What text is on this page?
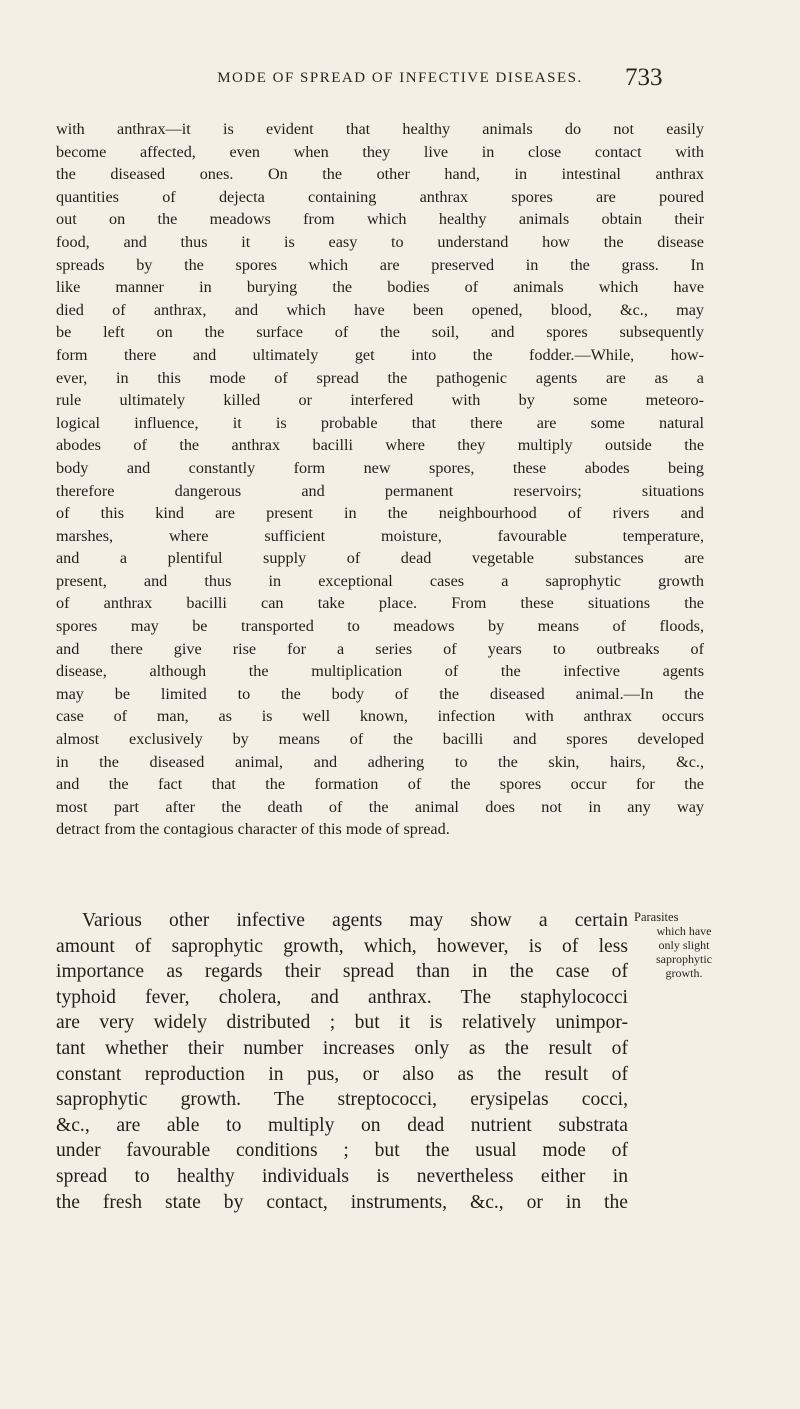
MODE OF SPREAD OF INFECTIVE DISEASES.	733
with anthrax—it is evident that healthy animals do not easily
become affected, even when they live in close contact with
the diseased ones. On the other hand, in intestinal anthrax
quantities of dejecta containing anthrax spores are poured
out on the meadows from which healthy animals obtain their
food, and thus it is easy to understand how the disease
spreads by the spores which are preserved in the grass. In
like manner in burying the bodies of animals which have
died of anthrax, and which have been opened, blood, &c., may
be left on the surface of the soil, and spores subsequently
form there and ultimately get into the fodder.—While, how-
ever, in this mode of spread the pathogenic agents are as a
rule ultimately killed or interfered with by some meteoro-
logical influence, it is probable that there are some natural
abodes of the anthrax bacilli where they multiply outside the
body and constantly form new spores, these abodes being
therefore dangerous and permanent reservoirs; situations
of this kind are present in the neighbourhood of rivers and
marshes, where sufficient moisture, favourable temperature,
and a plentiful supply of dead vegetable substances are
present, and thus in exceptional cases a saprophytic growth
of anthrax bacilli can take place. From these situations the
spores may be transported to meadows by means of floods,
and there give rise for a series of years to outbreaks of
disease, although the multiplication of the infective agents
may be limited to the body of the diseased animal.—In the
case of man, as is well known, infection with anthrax occurs
almost exclusively by means of the bacilli and spores developed
in the diseased animal, and adhering to the skin, hairs, &c.,
and the fact that the formation of the spores occur for the
most part after the death of the animal does not in any way
detract from the contagious character of this mode of spread.
Various other infective agents may show a certain
amount of saprophytic growth, which, however, is of less
importance as regards their spread than in the case of
typhoid fever, cholera, and anthrax. The staphylococci
are very widely distributed ; but it is relatively unimpor-
tant whether their number increases only as the result of
constant reproduction in pus, or also as the result of
saprophytic growth. The streptococci, erysipelas cocci,
&c., are able to multiply on dead nutrient substrata
under favourable conditions ; but the usual mode of
spread to healthy individuals is nevertheless either in
the fresh state by contact, instruments, &c., or in the
Parasites
which have
only slight
saprophytic
growth.
